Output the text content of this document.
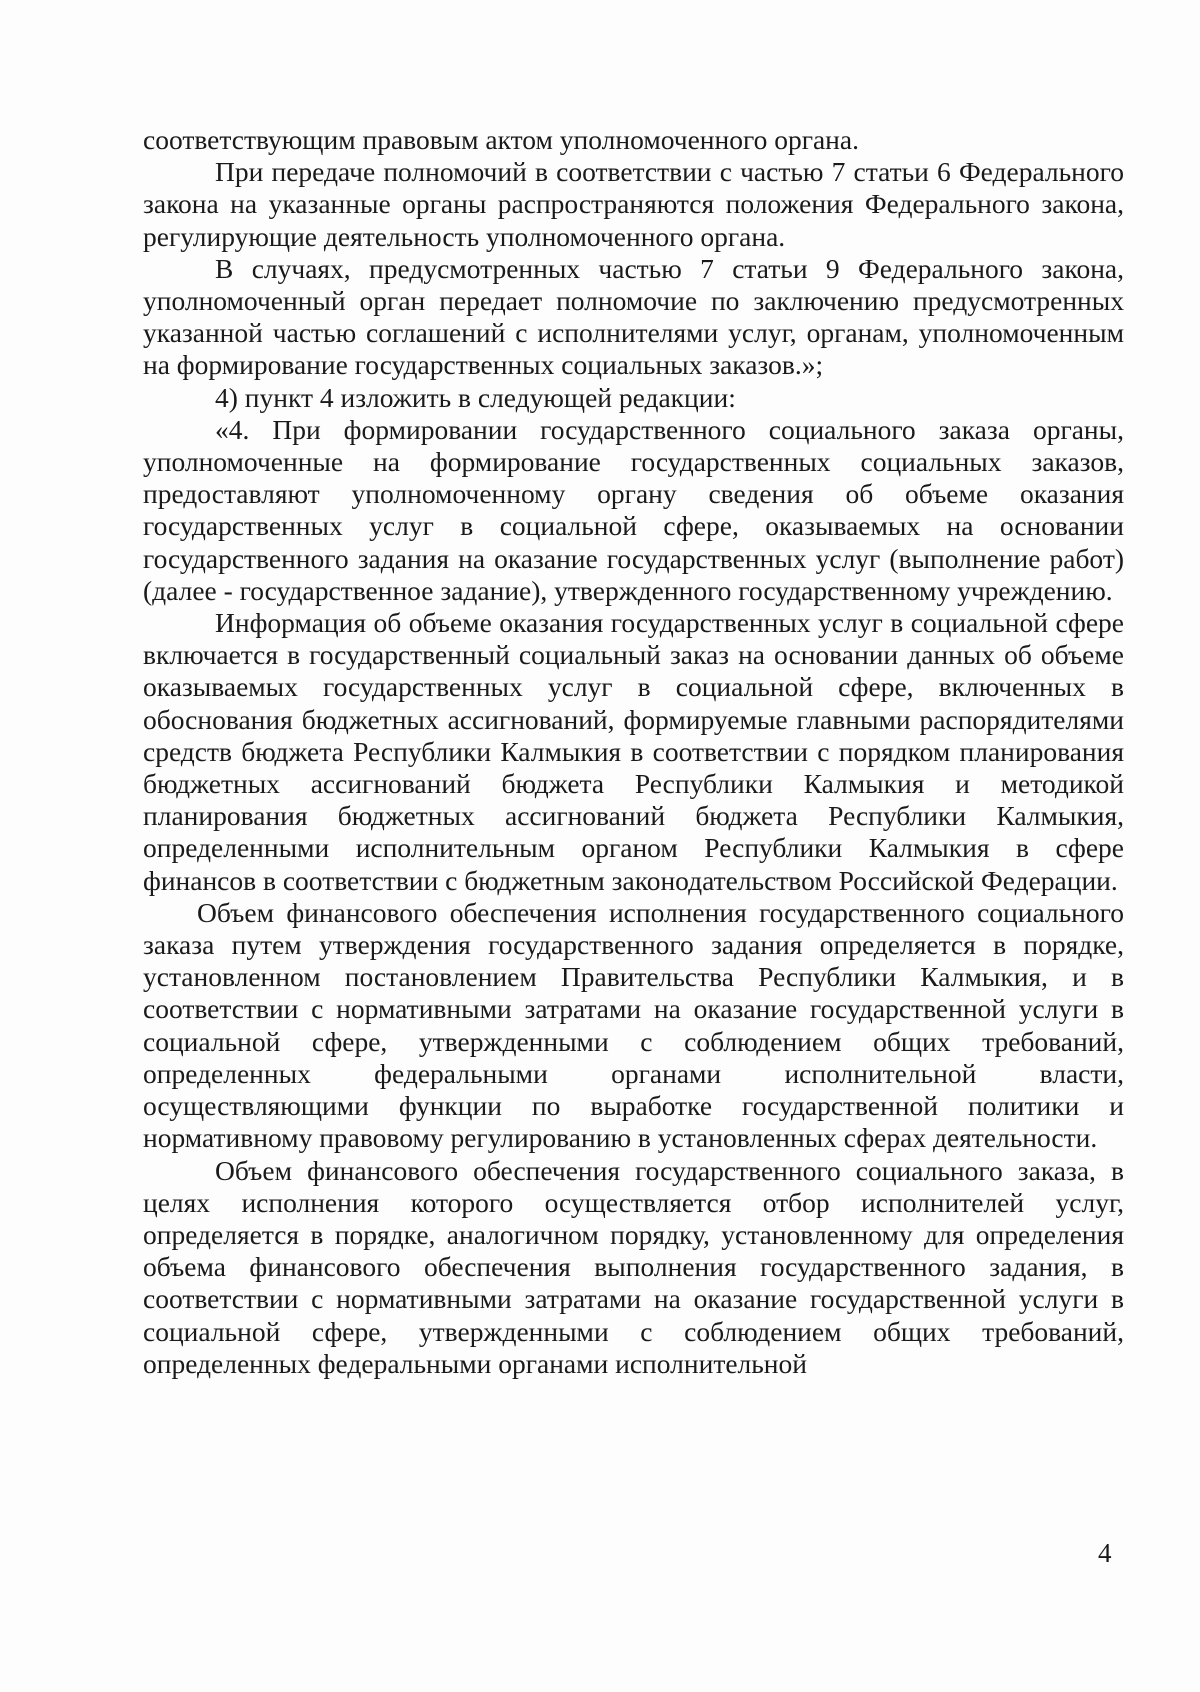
соответствующим правовым актом уполномоченного органа.

При передаче полномочий в соответствии с частью 7 статьи 6 Федерального закона на указанные органы распространяются положения Федерального закона, регулирующие деятельность уполномоченного органа.

В случаях, предусмотренных частью 7 статьи 9 Федерального закона, уполномоченный орган передает полномочие по заключению предусмотренных указанной частью соглашений с исполнителями услуг, органам, уполномоченным на формирование государственных социальных заказов.»;

4) пункт 4 изложить в следующей редакции:

«4. При формировании государственного социального заказа органы, уполномоченные на формирование государственных социальных заказов, предоставляют уполномоченному органу сведения об объеме оказания государственных услуг в социальной сфере, оказываемых на основании государственного задания на оказание государственных услуг (выполнение работ) (далее - государственное задание), утвержденного государственному учреждению.

Информация об объеме оказания государственных услуг в социальной сфере включается в государственный социальный заказ на основании данных об объеме оказываемых государственных услуг в социальной сфере, включенных в обоснования бюджетных ассигнований, формируемые главными распорядителями средств бюджета Республики Калмыкия в соответствии с порядком планирования бюджетных ассигнований бюджета Республики Калмыкия и методикой планирования бюджетных ассигнований бюджета Республики Калмыкия, определенными исполнительным органом Республики Калмыкия в сфере финансов в соответствии с бюджетным законодательством Российской Федерации.

Объем финансового обеспечения исполнения государственного социального заказа путем утверждения государственного задания определяется в порядке, установленном постановлением Правительства Республики Калмыкия, и в соответствии с нормативными затратами на оказание государственной услуги в социальной сфере, утвержденными с соблюдением общих требований, определенных федеральными органами исполнительной власти, осуществляющими функции по выработке государственной политики и нормативному правовому регулированию в установленных сферах деятельности.

Объем финансового обеспечения государственного социального заказа, в целях исполнения которого осуществляется отбор исполнителей услуг, определяется в порядке, аналогичном порядку, установленному для определения объема финансового обеспечения выполнения государственного задания, в соответствии с нормативными затратами на оказание государственной услуги в социальной сфере, утвержденными с соблюдением общих требований, определенных федеральными органами исполнительной

4
